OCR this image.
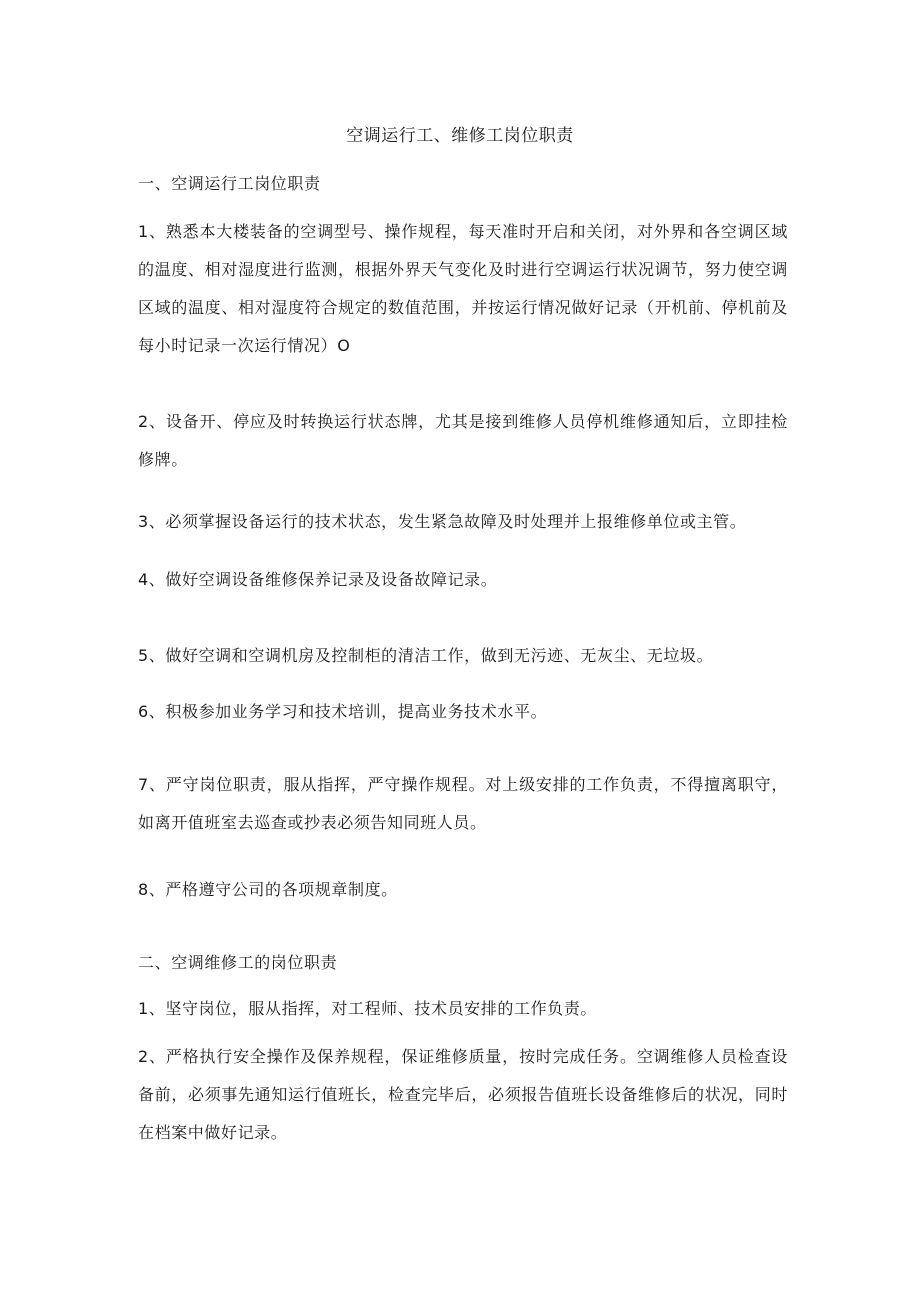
空调运行工、维修工岗位职责
一、空调运行工岗位职责

1、熟悉本大楼装备的空调型号、操作规程，每天准时开启和关闭，对外界和各空调区域的温度、相对湿度进行监测，根据外界天气变化及时进行空调运行状况调节，努力使空调区域的温度、相对湿度符合规定的数值范围，并按运行情况做好记录（开机前、停机前及每小时记录一次运行情况）O

2、设备开、停应及时转换运行状态牌，尤其是接到维修人员停机维修通知后，立即挂检修牌。

3、必须掌握设备运行的技术状态，发生紧急故障及时处理并上报维修单位或主管。

4、做好空调设备维修保养记录及设备故障记录。

5、做好空调和空调机房及控制柜的清洁工作，做到无污迹、无灰尘、无垃圾。

6、积极参加业务学习和技术培训，提高业务技术水平。

7、严守岗位职责，服从指挥，严守操作规程。对上级安排的工作负责，不得擅离职守，如离开值班室去巡查或抄表必须告知同班人员。

8、严格遵守公司的各项规章制度。

二、空调维修工的岗位职责

1、坚守岗位，服从指挥，对工程师、技术员安排的工作负责。

2、严格执行安全操作及保养规程，保证维修质量，按时完成任务。空调维修人员检查设备前，必须事先通知运行值班长，检查完毕后，必须报告值班长设备维修后的状况，同时在档案中做好记录。
